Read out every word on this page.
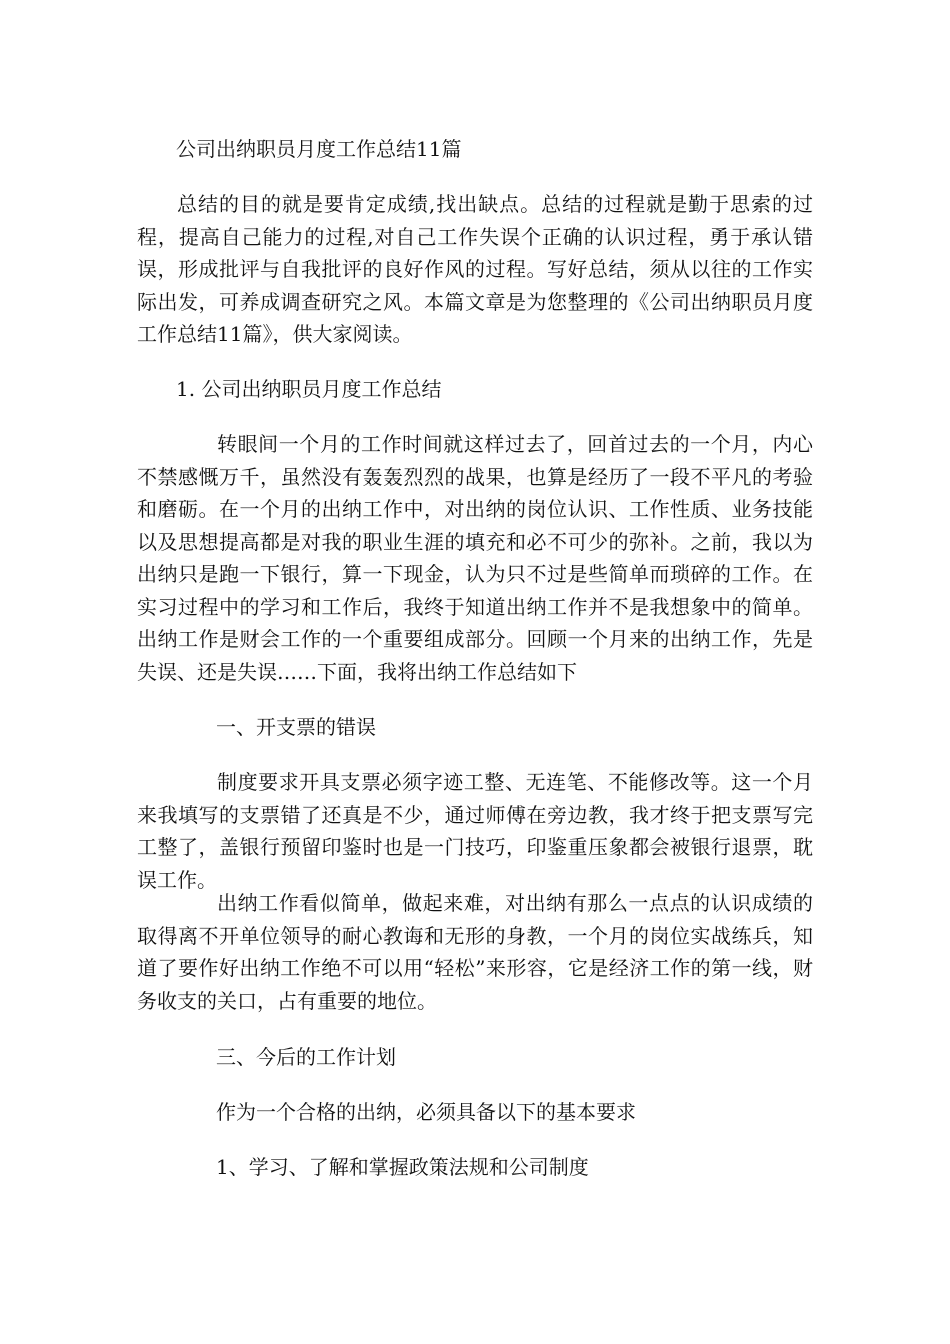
公司出纳职员月度工作总结11篇

总结的目的就是要肯定成绩,找出缺点。总结的过程就是勤于思索的过程，提高自己能力的过程,对自己工作失误个正确的认识过程，勇于承认错误，形成批评与自我批评的良好作风的过程。写好总结，须从以往的工作实际出发，可养成调查研究之风。本篇文章是为您整理的《公司出纳职员月度工作总结11篇》，供大家阅读。

1. 公司出纳职员月度工作总结

转眼间一个月的工作时间就这样过去了，回首过去的一个月，内心不禁感慨万千，虽然没有轰轰烈烈的战果，也算是经历了一段不平凡的考验和磨砺。在一个月的出纳工作中，对出纳的岗位认识、工作性质、业务技能以及思想提高都是对我的职业生涯的填充和必不可少的弥补。之前，我以为出纳只是跑一下银行，算一下现金，认为只不过是些简单而琐碎的工作。在实习过程中的学习和工作后，我终于知道出纳工作并不是我想象中的简单。出纳工作是财会工作的一个重要组成部分。回顾一个月来的出纳工作，先是失误、还是失误……下面，我将出纳工作总结如下

一、开支票的错误

制度要求开具支票必须字迹工整、无连笔、不能修改等。这一个月来我填写的支票错了还真是不少，通过师傅在旁边教，我才终于把支票写完工整了，盖银行预留印鉴时也是一门技巧，印鉴重压象都会被银行退票，耽误工作。

出纳工作看似简单，做起来难，对出纳有那么一点点的认识成绩的取得离不开单位领导的耐心教诲和无形的身教，一个月的岗位实战练兵，知道了要作好出纳工作绝不可以用“轻松”来形容，它是经济工作的第一线，财务收支的关口，占有重要的地位。

三、今后的工作计划

作为一个合格的出纳，必须具备以下的基本要求

1、学习、了解和掌握政策法规和公司制度
